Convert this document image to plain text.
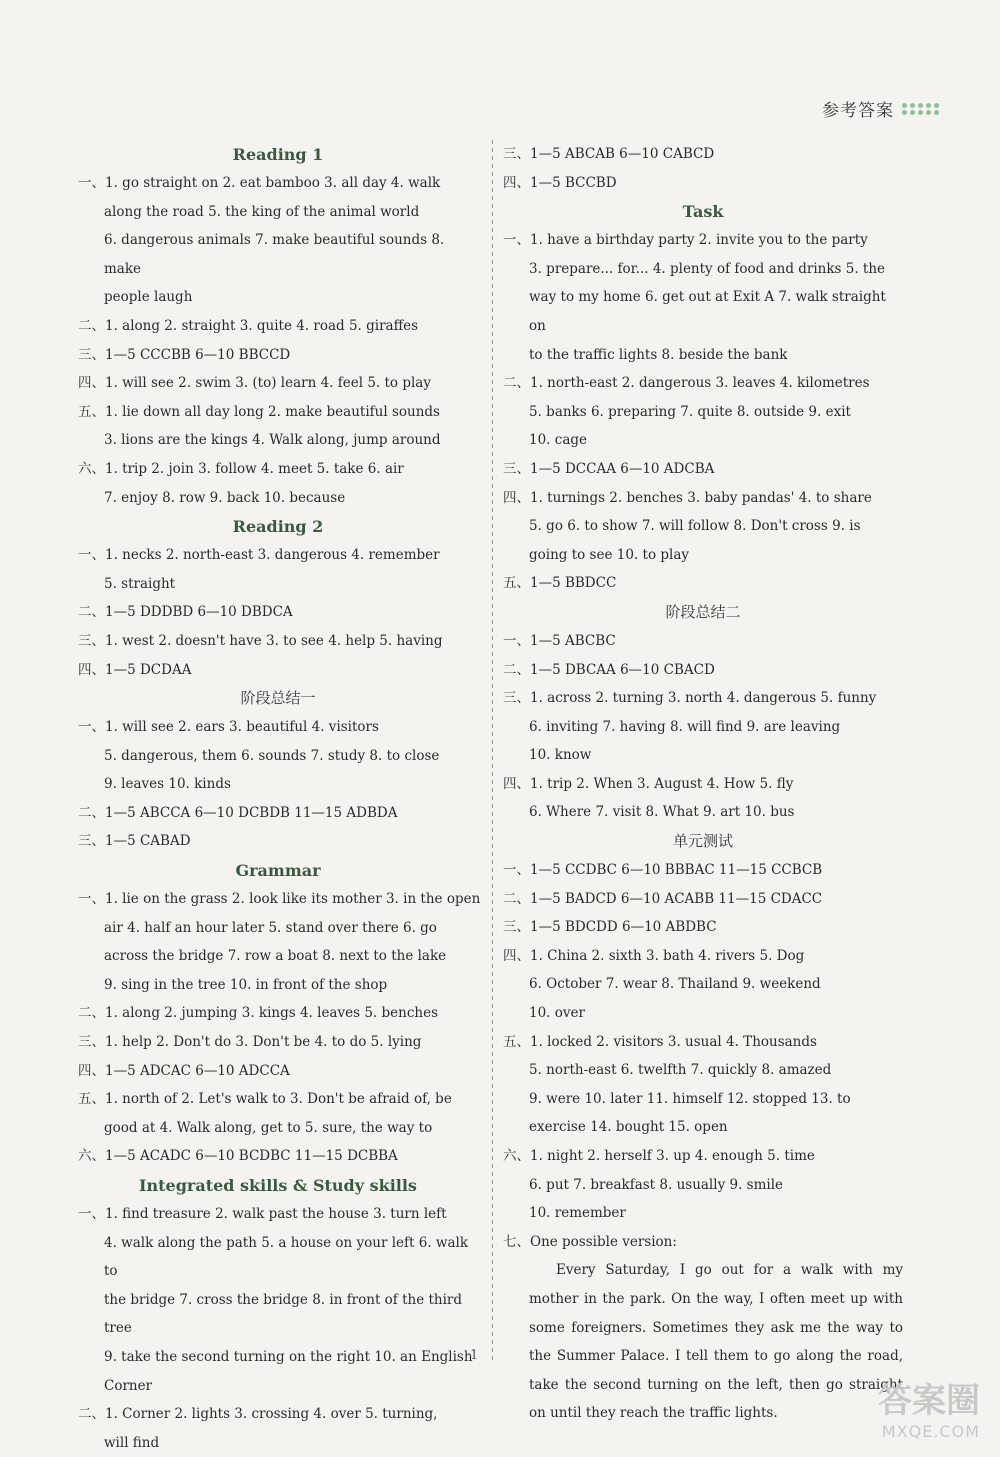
参考答案

Reading 1

一、1. go straight on 2. eat bamboo 3. all day 4. walk

along the road 5. the king of the animal world

6. dangerous animals 7. make beautiful sounds 8. make

people laugh

二、1. along 2. straight 3. quite 4. road 5. giraffes

三、1—5 CCCBB 6—10 BBCCD

四、1. will see 2. swim 3. (to) learn 4. feel 5. to play

五、1. lie down all day long 2. make beautiful sounds

3. lions are the kings 4. Walk along, jump around

六、1. trip 2. join 3. follow 4. meet 5. take 6. air

7. enjoy 8. row 9. back 10. because

Reading 2

一、1. necks 2. north-east 3. dangerous 4. remember

5. straight

二、1—5 DDDBD 6—10 DBDCA

三、1. west 2. doesn't have 3. to see 4. help 5. having

四、1—5 DCDAA

阶段总结一

一、1. will see 2. ears 3. beautiful 4. visitors

5. dangerous, them 6. sounds 7. study 8. to close

9. leaves 10. kinds

二、1—5 ABCCA 6—10 DCBDB 11—15 ADBDA

三、1—5 CABAD

Grammar

一、1. lie on the grass 2. look like its mother 3. in the open

air 4. half an hour later 5. stand over there 6. go

across the bridge 7. row a boat 8. next to the lake

9. sing in the tree 10. in front of the shop

二、1. along 2. jumping 3. kings 4. leaves 5. benches

三、1. help 2. Don't do 3. Don't be 4. to do 5. lying

四、1—5 ADCAC 6—10 ADCCA

五、1. north of 2. Let's walk to 3. Don't be afraid of, be

good at 4. Walk along, get to 5. sure, the way to

六、1—5 ACADC 6—10 BCDBC 11—15 DCBBA

Integrated skills & Study skills

一、1. find treasure 2. walk past the house 3. turn left

4. walk along the path 5. a house on your left 6. walk to

the bridge 7. cross the bridge 8. in front of the third tree

9. take the second turning on the right 10. an English

Corner

二、1. Corner 2. lights 3. crossing 4. over 5. turning,

will find

三、1—5 ABCAB 6—10 CABCD

四、1—5 BCCBD

Task

一、1. have a birthday party 2. invite you to the party

3. prepare... for... 4. plenty of food and drinks 5. the

way to my home 6. get out at Exit A 7. walk straight on

to the traffic lights 8. beside the bank

二、1. north-east 2. dangerous 3. leaves 4. kilometres

5. banks 6. preparing 7. quite 8. outside 9. exit

10. cage

三、1—5 DCCAA 6—10 ADCBA

四、1. turnings 2. benches 3. baby pandas' 4. to share

5. go 6. to show 7. will follow 8. Don't cross 9. is

going to see 10. to play

五、1—5 BBDCC

阶段总结二

一、1—5 ABCBC

二、1—5 DBCAA 6—10 CBACD

三、1. across 2. turning 3. north 4. dangerous 5. funny

6. inviting 7. having 8. will find 9. are leaving

10. know

四、1. trip 2. When 3. August 4. How 5. fly

6. Where 7. visit 8. What 9. art 10. bus

单元测试

一、1—5 CCDBC 6—10 BBBAC 11—15 CCBCB

二、1—5 BADCD 6—10 ACABB 11—15 CDACC

三、1—5 BDCDD 6—10 ABDBC

四、1. China 2. sixth 3. bath 4. rivers 5. Dog

6. October 7. wear 8. Thailand 9. weekend

10. over

五、1. locked 2. visitors 3. usual 4. Thousands

5. north-east 6. twelfth 7. quickly 8. amazed

9. were 10. later 11. himself 12. stopped 13. to

exercise 14. bought 15. open

六、1. night 2. herself 3. up 4. enough 5. time

6. put 7. breakfast 8. usually 9. smile

10. remember

七、One possible version:

Every Saturday, I go out for a walk with my mother in the park. On the way, I often meet up with some foreigners. Sometimes they ask me the way to the Summer Palace. I tell them to go along the road, take the second turning on the left, then go straight on until they reach the traffic lights.

1
答案圈
MXQE.COM
